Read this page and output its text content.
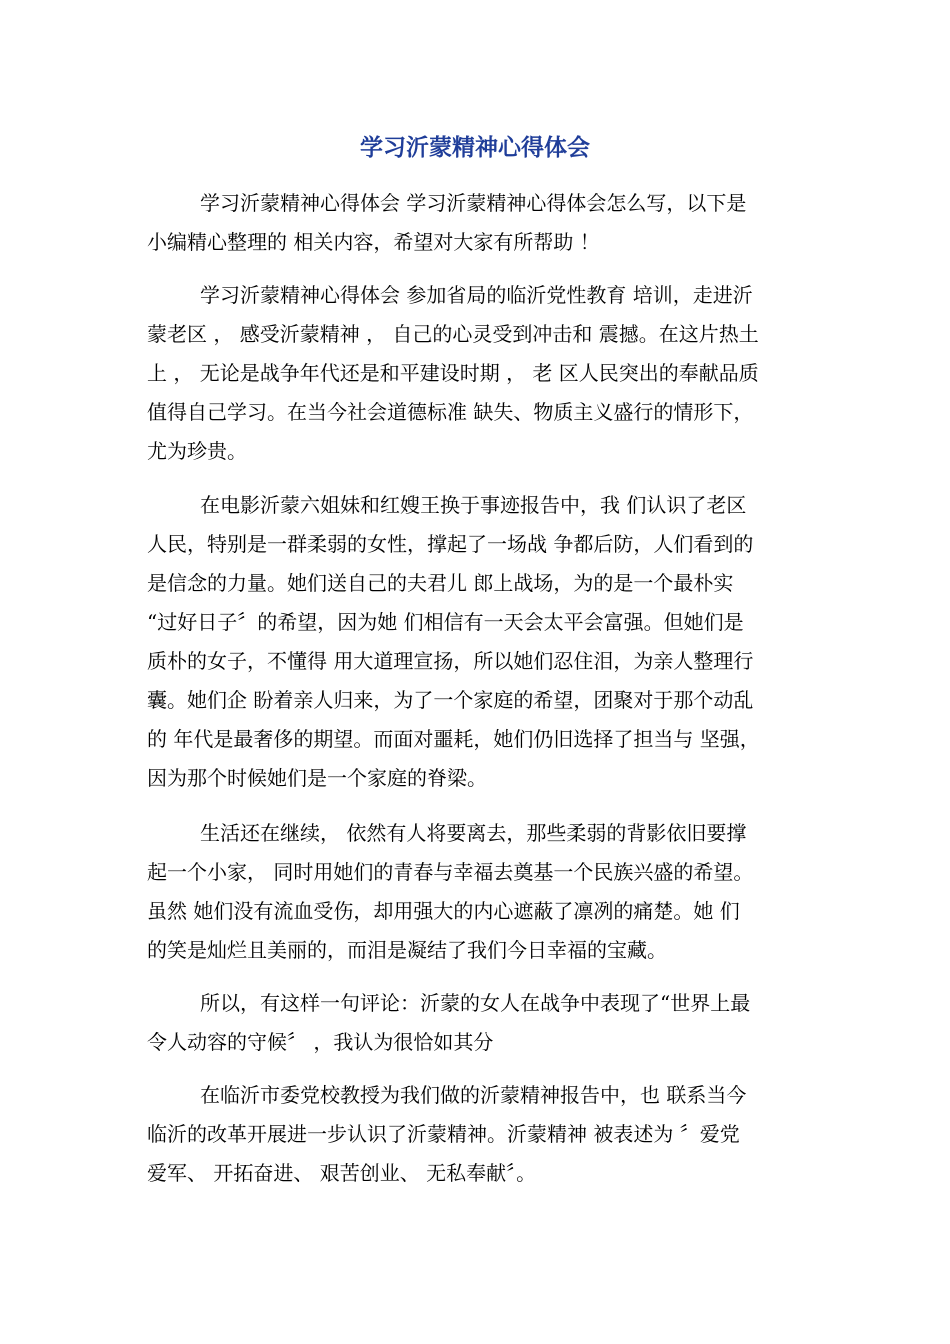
学习沂蒙精神心得体会
学习沂蒙精神心得体会 学习沂蒙精神心得体会怎么写，以下是
小编精心整理的 相关内容，希望对大家有所帮助 ！
学习沂蒙精神心得体会 参加省局的临沂党性教育 培训，走进沂
蒙老区 ， 感受沂蒙精神 ， 自己的心灵受到冲击和 震撼。在这片热土
上 ， 无论是战争年代还是和平建设时期 ， 老 区人民突出的奉献品质
值得自己学习。在当今社会道德标准 缺失、物质主义盛行的情形下，
尤为珍贵。
在电影沂蒙六姐妹和红嫂王换于事迹报告中，我 们认识了老区
人民，特别是一群柔弱的女性，撑起了一场战 争都后防，人们看到的
是信念的力量。她们送自己的夫君儿 郎上战场，为的是一个最朴实
“过好日子〞的希望，因为她 们相信有一天会太平会富强。但她们是
质朴的女子，不懂得 用大道理宣扬，所以她们忍住泪，为亲人整理行
囊。她们企 盼着亲人归来，为了一个家庭的希望，团聚对于那个动乱
的 年代是最奢侈的期望。而面对噩耗，她们仍旧选择了担当与 坚强，
因为那个时候她们是一个家庭的脊梁。
生活还在继续， 依然有人将要离去，那些柔弱的背影依旧要撑
起一个小家， 同时用她们的青春与幸福去奠基一个民族兴盛的希望。
虽然 她们没有流血受伤，却用强大的内心遮蔽了凛冽的痛楚。她 们
的笑是灿烂且美丽的，而泪是凝结了我们今日幸福的宝藏。
所以，有这样一句评论：沂蒙的女人在战争中表现了“世界上最
令人动容的守候〞 ，我认为很恰如其分
在临沂市委党校教授为我们做的沂蒙精神报告中，也 联系当今
临沂的改革开展进一步认识了沂蒙精神。沂蒙精神 被表述为 〞爱党
爱军、 开拓奋进、 艰苦创业、 无私奉献〞。
